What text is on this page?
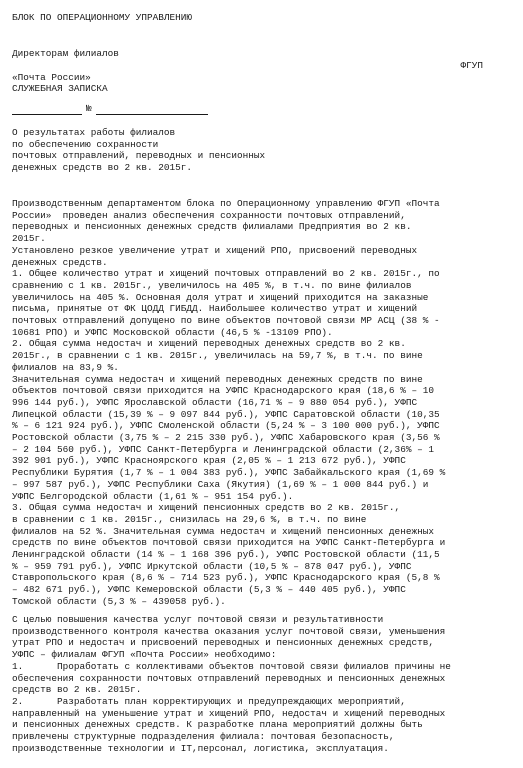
БЛОК ПО ОПЕРАЦИОННОМУ УПРАВЛЕНИЮ
Директорам филиалов
ФГУП
«Почта России»
СЛУЖЕБНАЯ ЗАПИСКА
№
О результатах работы филиалов
по обеспечению сохранности
почтовых отправлений, переводных и пенсионных
денежных средств во 2 кв. 2015г.
Производственным департаментом блока по Операционному управлению ФГУП «Почта
России»  проведен анализ обеспечения сохранности почтовых отправлений,
переводных и пенсионных денежных средств филиалами Предприятия во 2 кв.
2015г.
Установлено резкое увеличение утрат и хищений РПО, присвоений переводных
денежных средств.
1. Общее количество утрат и хищений почтовых отправлений во 2 кв. 2015г., по
сравнению с 1 кв. 2015г., увеличилось на 405 %, в т.ч. по вине филиалов
увеличилось на 405 %. Основная доля утрат и хищений приходится на заказные
письма, принятые от ФК ЦОДД ГИБДД. Наибольшее количество утрат и хищений
почтовых отправлений допущено по вине объектов почтовой связи МР АСЦ (38 % -
10681 РПО) и УФПС Московской области (46,5 % -13109 РПО).
2. Общая сумма недостач и хищений переводных денежных средств во 2 кв.
2015г., в сравнении с 1 кв. 2015г., увеличилась на 59,7 %, в т.ч. по вине
филиалов на 83,9 %.
Значительная сумма недостач и хищений переводных денежных средств по вине
объектов почтовой связи приходится на УФПС Краснодарского края (18,6 % – 10
996 144 руб.), УФПС Ярославской области (16,71 % – 9 880 054 руб.), УФПС
Липецкой области (15,39 % – 9 097 844 руб.), УФПС Саратовской области (10,35
% – 6 121 924 руб.), УФПС Смоленской области (5,24 % – 3 100 000 руб.), УФПС
Ростовской области (3,75 % – 2 215 330 руб.), УФПС Хабаровского края (3,56 %
– 2 104 560 руб.), УФПС Санкт-Петербурга и Ленинградской области (2,36% – 1
392 901 руб.), УФПС Красноярского края (2,05 % – 1 213 672 руб.), УФПС
Республики Бурятия (1,7 % – 1 004 383 руб.), УФПС Забайкальского края (1,69 %
– 997 587 руб.), УФПС Республики Саха (Якутия) (1,69 % – 1 000 844 руб.) и
УФПС Белгородской области (1,61 % – 951 154 руб.).
3. Общая сумма недостач и хищений пенсионных средств во 2 кв. 2015г.,
в сравнении с 1 кв. 2015г., снизилась на 29,6 %, в т.ч. по вине
филиалов на 52 %. Значительная сумма недостач и хищений пенсионных денежных
средств по вине объектов почтовой связи приходится на УФПС Санкт-Петербурга и
Ленинградской области (14 % – 1 168 396 руб.), УФПС Ростовской области (11,5
% – 959 791 руб.), УФПС Иркутской области (10,5 % – 878 047 руб.), УФПС
Ставропольского края (8,6 % – 714 523 руб.), УФПС Краснодарского края (5,8 %
– 482 671 руб.), УФПС Кемеровской области (5,3 % – 440 405 руб.), УФПС
Томской области (5,3 % – 439058 руб.).
С целью повышения качества услуг почтовой связи и результативности
производственного контроля качества оказания услуг почтовой связи, уменьшения
утрат РПО и недостач и присвоений переводных и пенсионных денежных средств,
УФПС – филиалам ФГУП «Почта России» необходимо:
1.      Проработать с коллективами объектов почтовой связи филиалов причины не
обеспечения сохранности почтовых отправлений переводных и пенсионных денежных
средств во 2 кв. 2015г.
2.      Разработать план корректирующих и предупреждающих мероприятий,
направленный на уменьшение утрат и хищений РПО, недостач и хищений переводных
и пенсионных денежных средств. К разработке плана мероприятий должны быть
привлечены структурные подразделения филиала: почтовая безопасность,
производственные технологии и IT,персонал, логистика, эксплуатация.
